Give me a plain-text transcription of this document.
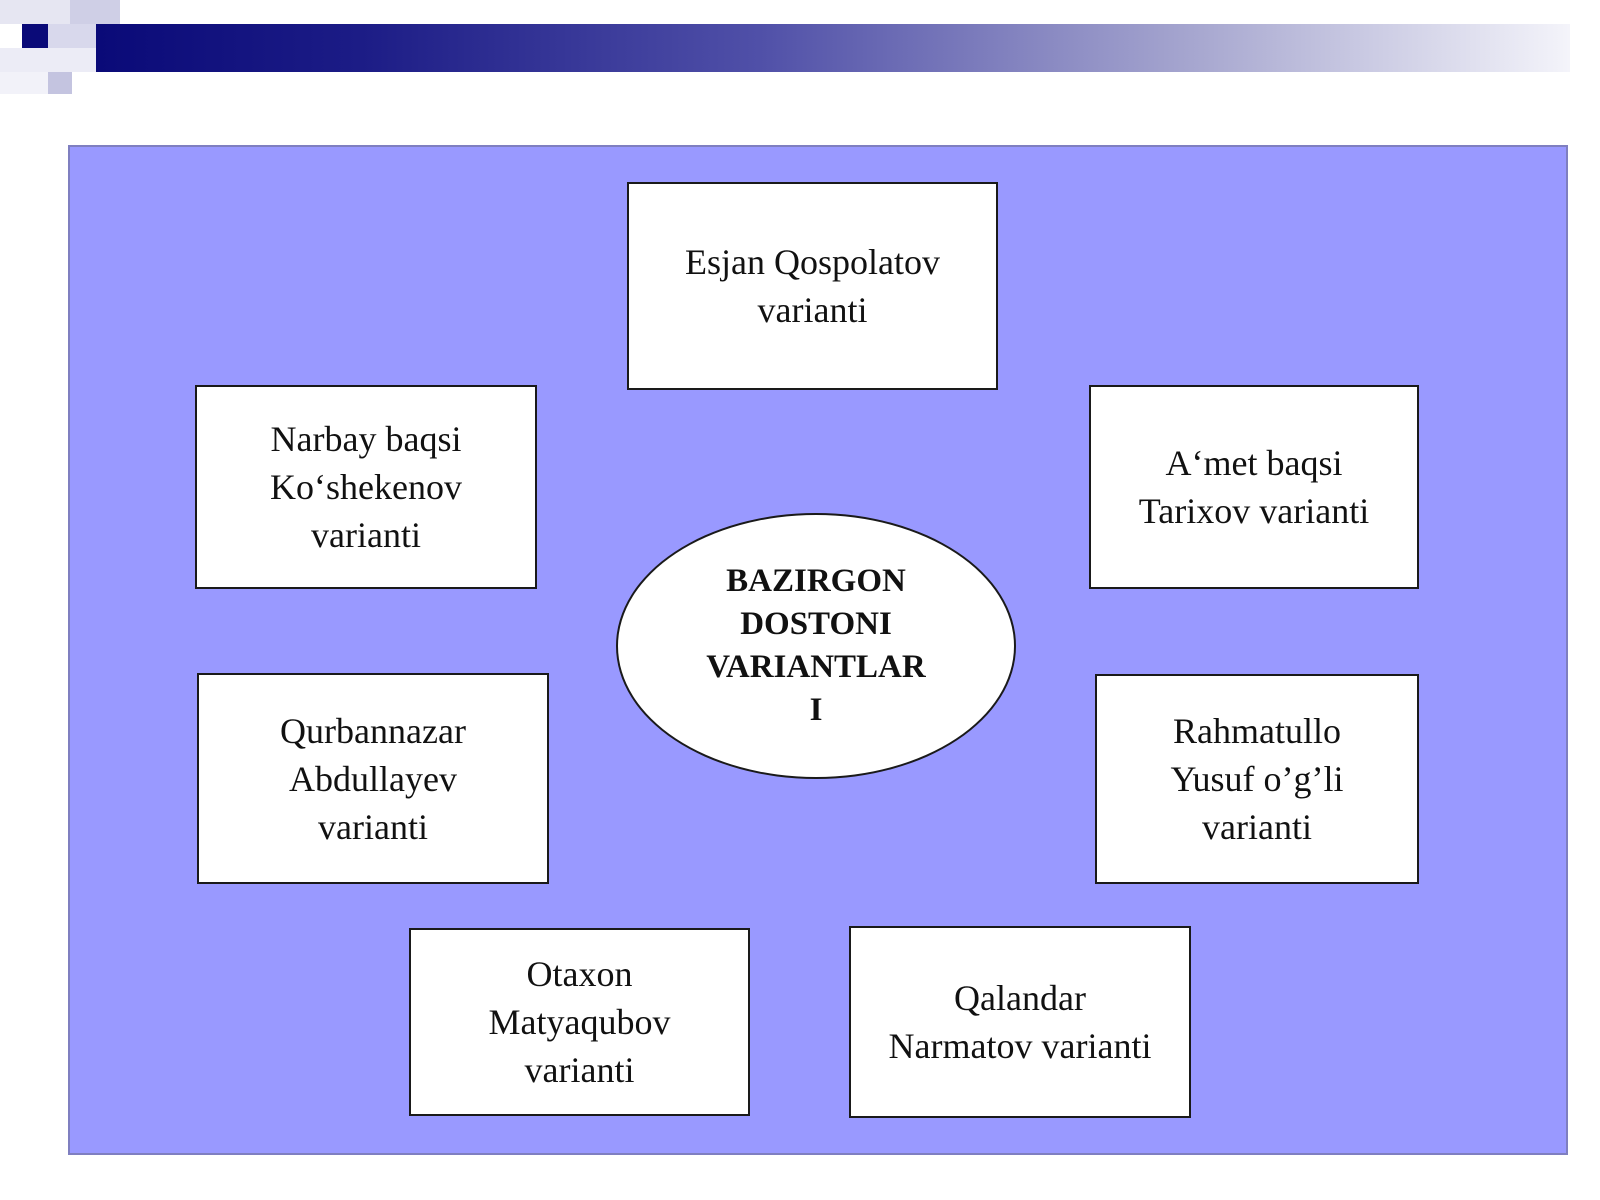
Esjan Qospolatov
varianti
Narbay baqsi
Ko‘shekenov
varianti
A‘met baqsi
Tarixov varianti
BAZIRGON
DOSTONI
VARIANTLAR
I
Qurbannazar
Abdullayev
varianti
Rahmatullo
Yusuf o’g’li
varianti
Otaxon
Matyaqubov
varianti
Qalandar
Narmatov varianti
